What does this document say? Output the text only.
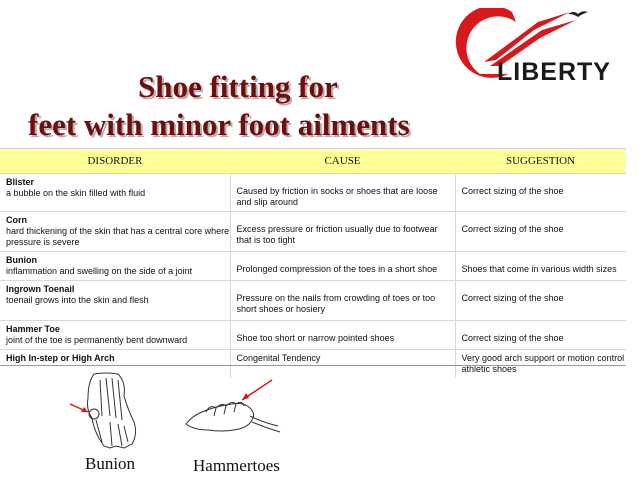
LIBERTY
Shoe fitting for
feet with minor foot ailments
DISORDER	CAUSE	SUGGESTION

Blister
a bubble on the skin filled with fluid	Caused by friction in socks or shoes that are loose and slip around	Correct sizing of the shoe

Corn
hard thickening of the skin that has a central core where pressure is severe	Excess pressure or friction usually due to footwear that is too tight	Correct sizing of the shoe

Bunion
inflammation and swelling on the side of a joint	Prolonged compression of the toes in a short shoe	Shoes that come in various width sizes

Ingrown Toenail
toenail grows into the skin and flesh	Pressure on the nails from crowding of toes or too short shoes or hosiery	Correct sizing of the shoe

Hammer Toe
joint of the toe is permanently bent downward	Shoe too short or narrow pointed shoes	Correct sizing of the shoe

High In-step or High Arch	Congenital Tendency	Very good arch support or motion control athletic shoes
Bunion	Hammertoes
